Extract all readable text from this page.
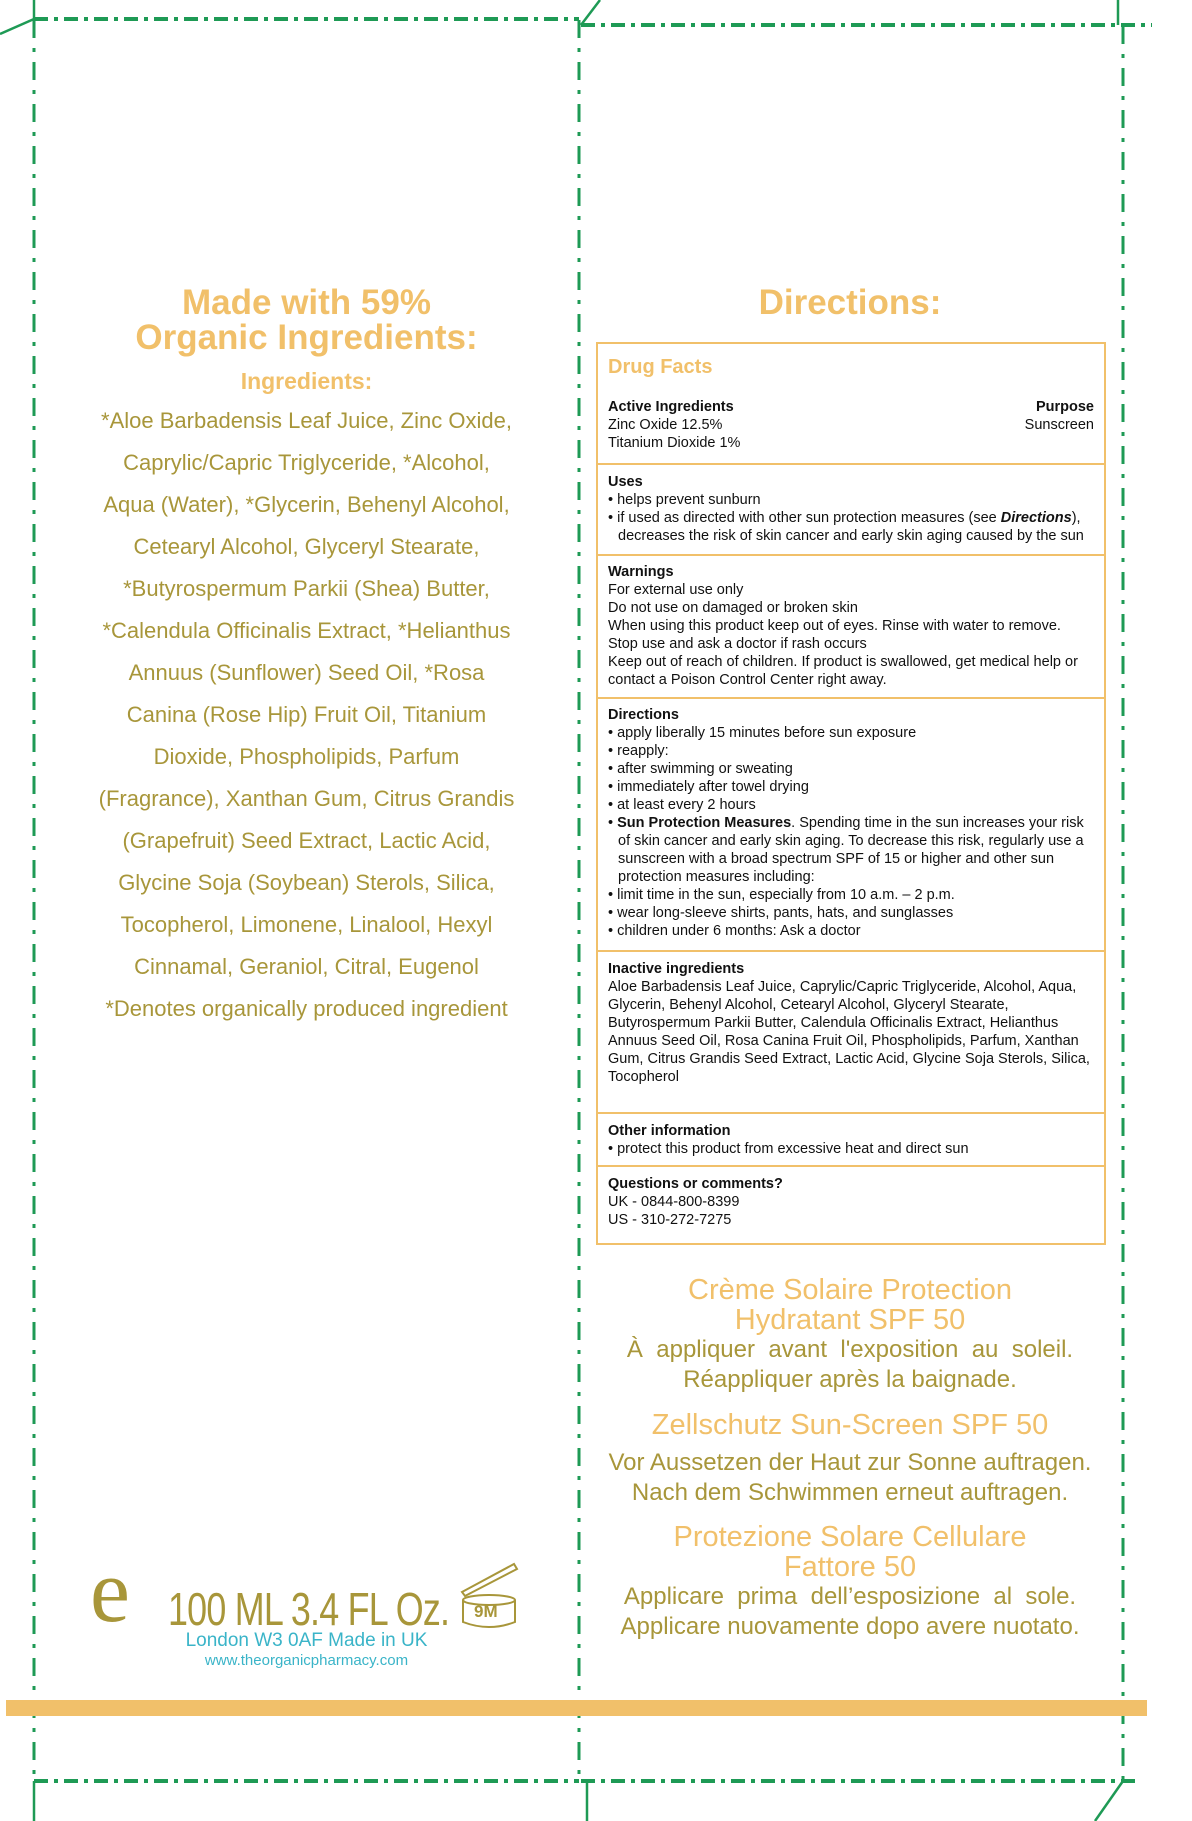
Made with 59%
Organic Ingredients:
Ingredients:
*Aloe Barbadensis Leaf Juice, Zinc Oxide,
Caprylic/Capric Triglyceride, *Alcohol,
Aqua (Water), *Glycerin, Behenyl Alcohol,
Cetearyl Alcohol, Glyceryl Stearate,
*Butyrospermum Parkii (Shea) Butter,
*Calendula Officinalis Extract, *Helianthus
Annuus (Sunflower) Seed Oil, *Rosa
Canina (Rose Hip) Fruit Oil, Titanium
Dioxide, Phospholipids, Parfum
(Fragrance), Xanthan Gum, Citrus Grandis
(Grapefruit) Seed Extract, Lactic Acid,
Glycine Soja (Soybean) Sterols, Silica,
Tocopherol, Limonene, Linalool, Hexyl
Cinnamal, Geraniol, Citral, Eugenol
*Denotes organically produced ingredient
e 100 ML 3.4 FL Oz. 9M
London W3 0AF Made in UK
www.theorganicpharmacy.com
Directions:
Drug Facts
Active Ingredients
Zinc Oxide 12.5%
Titanium Dioxide 1%
Purpose
Sunscreen
Uses
• helps prevent sunburn
• if used as directed with other sun protection measures (see Directions), decreases the risk of skin cancer and early skin aging caused by the sun
Warnings
For external use only
Do not use on damaged or broken skin
When using this product keep out of eyes. Rinse with water to remove.
Stop use and ask a doctor if rash occurs
Keep out of reach of children. If product is swallowed, get medical help or contact a Poison Control Center right away.
Directions
• apply liberally 15 minutes before sun exposure
• reapply:
• after swimming or sweating
• immediately after towel drying
• at least every 2 hours
• Sun Protection Measures. Spending time in the sun increases your risk of skin cancer and early skin aging. To decrease this risk, regularly use a sunscreen with a broad spectrum SPF of 15 or higher and other sun protection measures including:
• limit time in the sun, especially from 10 a.m. – 2 p.m.
• wear long-sleeve shirts, pants, hats, and sunglasses
• children under 6 months: Ask a doctor
Inactive ingredients
Aloe Barbadensis Leaf Juice, Caprylic/Capric Triglyceride, Alcohol, Aqua, Glycerin, Behenyl Alcohol, Cetearyl Alcohol, Glyceryl Stearate, Butyrospermum Parkii Butter, Calendula Officinalis Extract, Helianthus Annuus Seed Oil, Rosa Canina Fruit Oil, Phospholipids, Parfum, Xanthan Gum, Citrus Grandis Seed Extract, Lactic Acid, Glycine Soja Sterols, Silica, Tocopherol
Other information
• protect this product from excessive heat and direct sun
Questions or comments?
UK - 0844-800-8399
US - 310-272-7275
Crème Solaire Protection
Hydratant SPF 50
À  appliquer  avant  l'exposition  au  soleil.
Réappliquer après la baignade.
Zellschutz Sun-Screen SPF 50
Vor Aussetzen der Haut zur Sonne auftragen.
Nach dem Schwimmen erneut auftragen.
Protezione Solare Cellulare
Fattore 50
Applicare  prima  dell’esposizione  al  sole.
Applicare nuovamente dopo avere nuotato.
